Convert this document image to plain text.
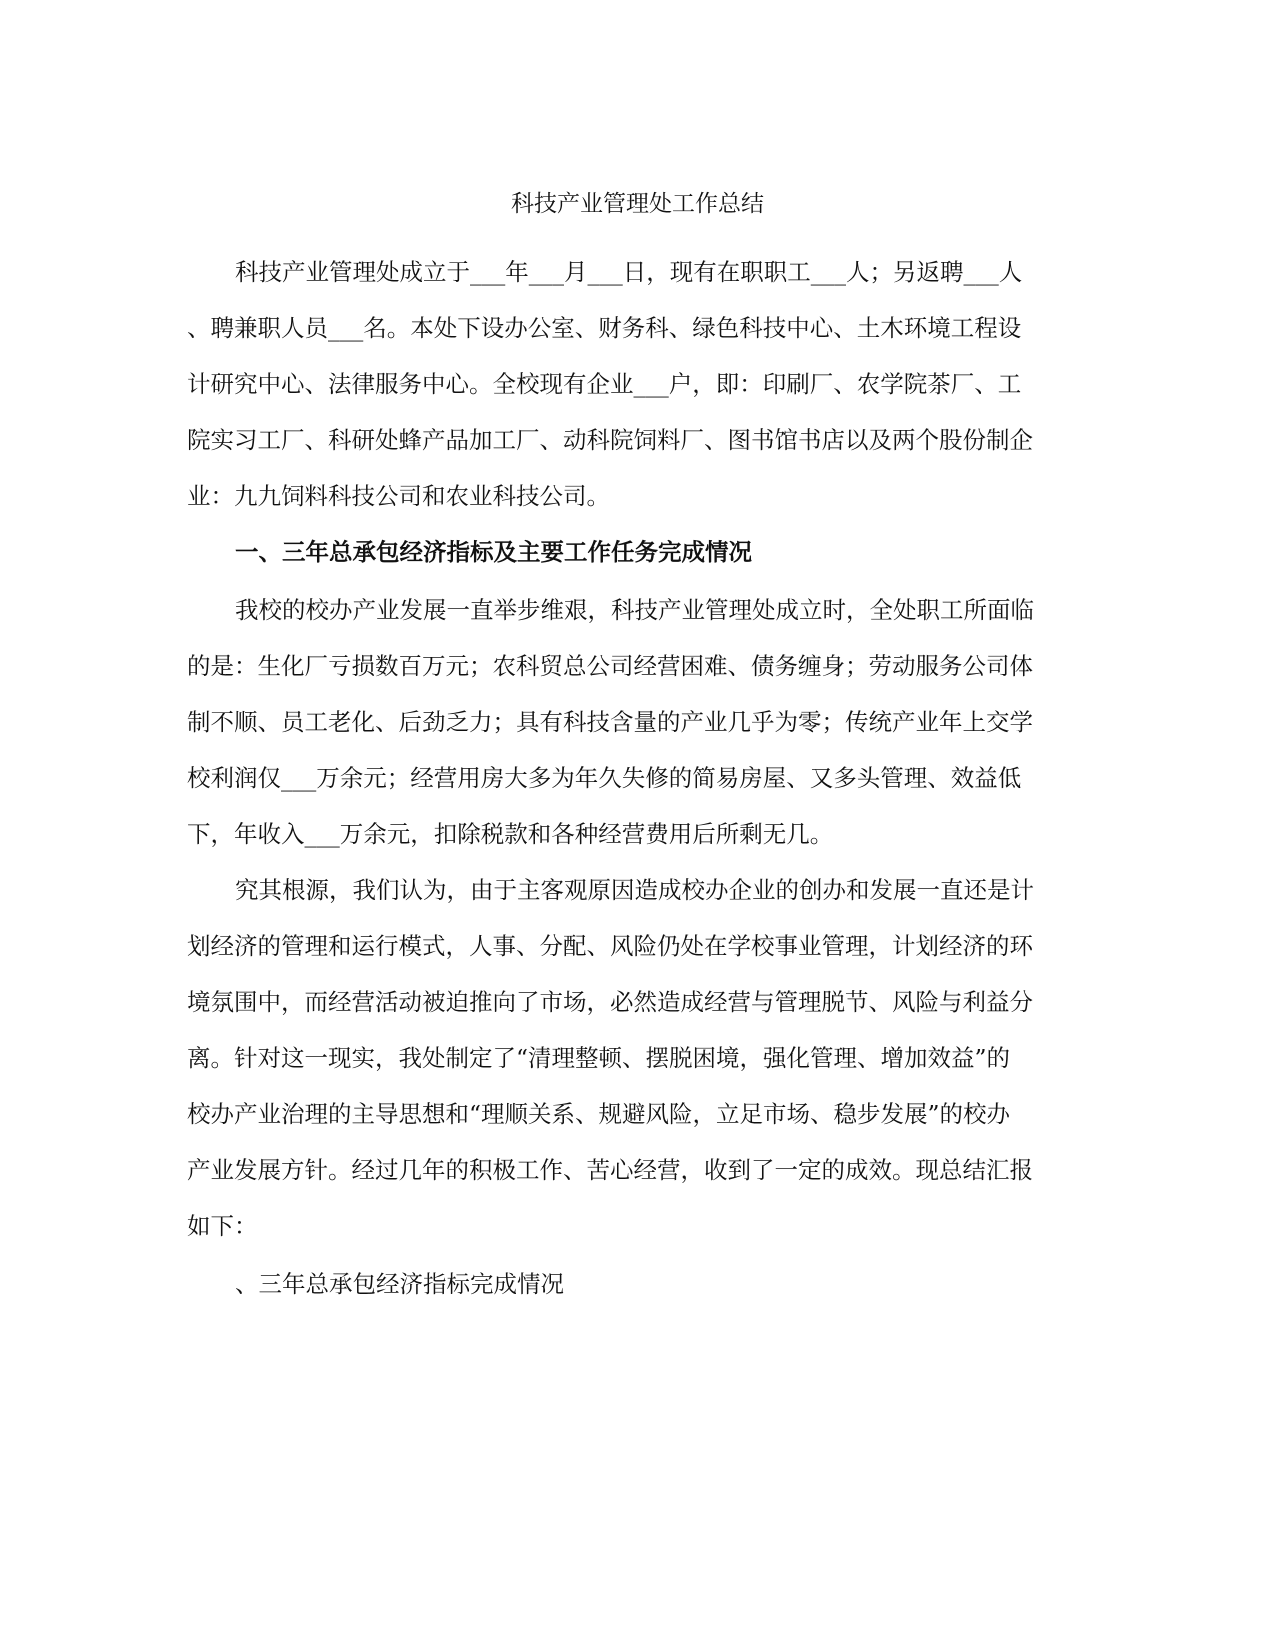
科技产业管理处工作总结
科技产业管理处成立于___年___月___日，现有在职职工___人；另返聘___人
、聘兼职人员___名。本处下设办公室、财务科、绿色科技中心、土木环境工程设
计研究中心、法律服务中心。全校现有企业___户，即：印刷厂、农学院茶厂、工
院实习工厂、科研处蜂产品加工厂、动科院饲料厂、图书馆书店以及两个股份制企
业：九九饲料科技公司和农业科技公司。
一、三年总承包经济指标及主要工作任务完成情况
我校的校办产业发展一直举步维艰，科技产业管理处成立时，全处职工所面临
的是：生化厂亏损数百万元；农科贸总公司经营困难、债务缠身；劳动服务公司体
制不顺、员工老化、后劲乏力；具有科技含量的产业几乎为零；传统产业年上交学
校利润仅___万余元；经营用房大多为年久失修的简易房屋、又多头管理、效益低
下，年收入___万余元，扣除税款和各种经营费用后所剩无几。
究其根源，我们认为，由于主客观原因造成校办企业的创办和发展一直还是计
划经济的管理和运行模式，人事、分配、风险仍处在学校事业管理，计划经济的环
境氛围中，而经营活动被迫推向了市场，必然造成经营与管理脱节、风险与利益分
离。针对这一现实，我处制定了“清理整顿、摆脱困境，强化管理、增加效益”的
校办产业治理的主导思想和“理顺关系、规避风险，立足市场、稳步发展”的校办
产业发展方针。经过几年的积极工作、苦心经营，收到了一定的成效。现总结汇报
如下：
、三年总承包经济指标完成情况
